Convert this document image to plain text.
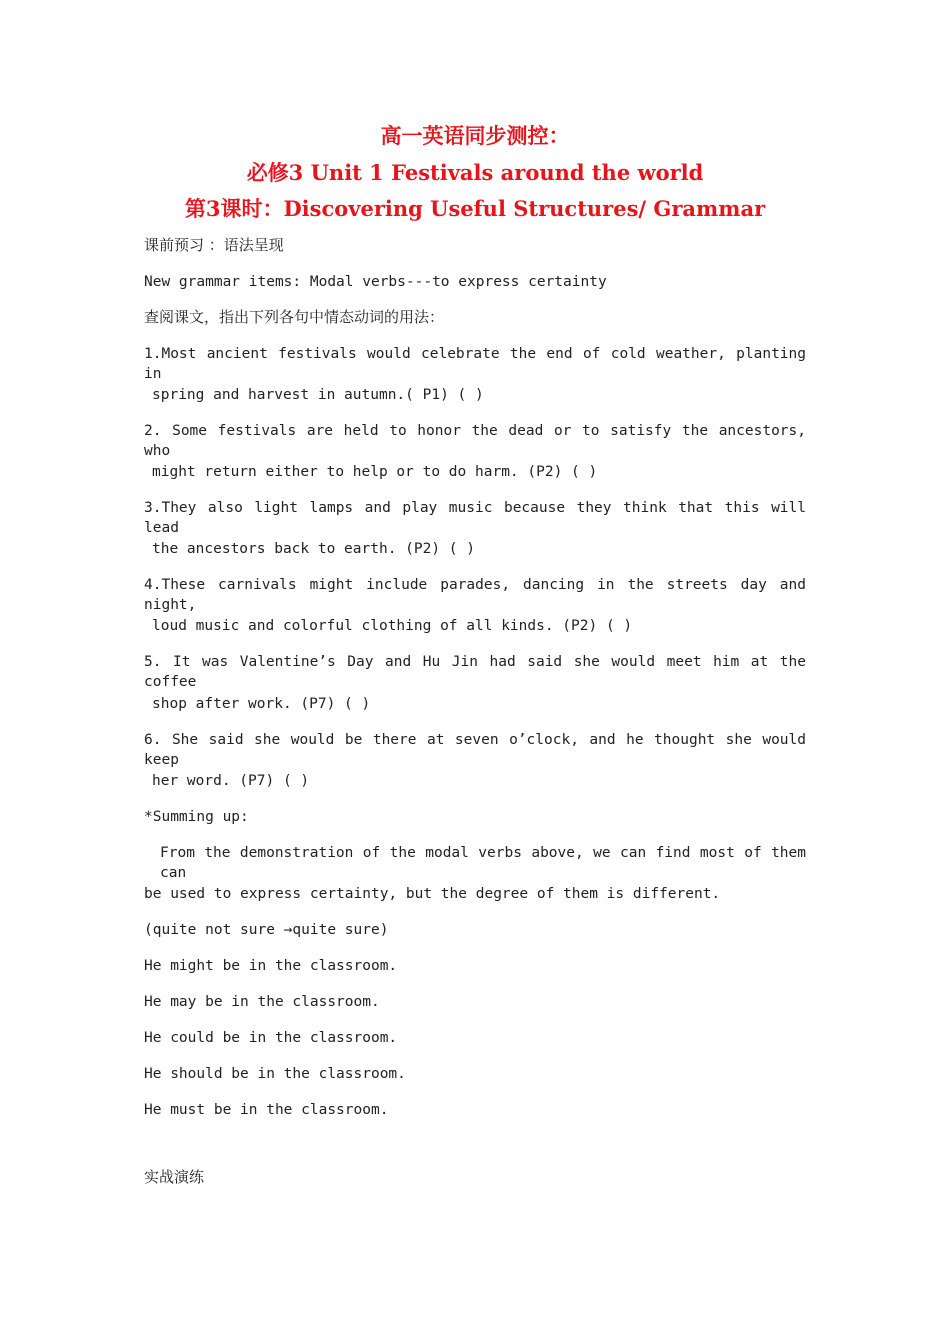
高一英语同步测控：
必修3 Unit 1 Festivals around the world
第3课时：Discovering Useful Structures/ Grammar
课前预习 ：语法呈现
New grammar items: Modal verbs---to express certainty
查阅课文，指出下列各句中情态动词的用法：
1.Most ancient festivals would celebrate the end of cold weather, planting in
spring and harvest in autumn.( P1) ( )
2. Some festivals are held to honor the dead or to satisfy the ancestors, who
might return either to help or to do harm. (P2) ( )
3.They also light lamps and play music because they think that this will lead
the ancestors back to earth. (P2) ( )
4.These carnivals might include parades, dancing in the streets day and night,
loud music and colorful clothing of all kinds. (P2) ( )
5. It was Valentine’s Day and Hu Jin had said she would meet him at the coffee
shop after work. (P7) ( )
6. She said she would be there at seven o’clock, and he thought she would keep
her word. (P7) ( )
*Summing up:
From the demonstration of the modal verbs above, we can find most of them can
be used to express certainty, but the degree of them is different.
(quite not sure →quite sure)
He might be in the classroom.
He may be in the classroom.
He could be in the classroom.
He should be in the classroom.
He must be in the classroom.
实战演练
